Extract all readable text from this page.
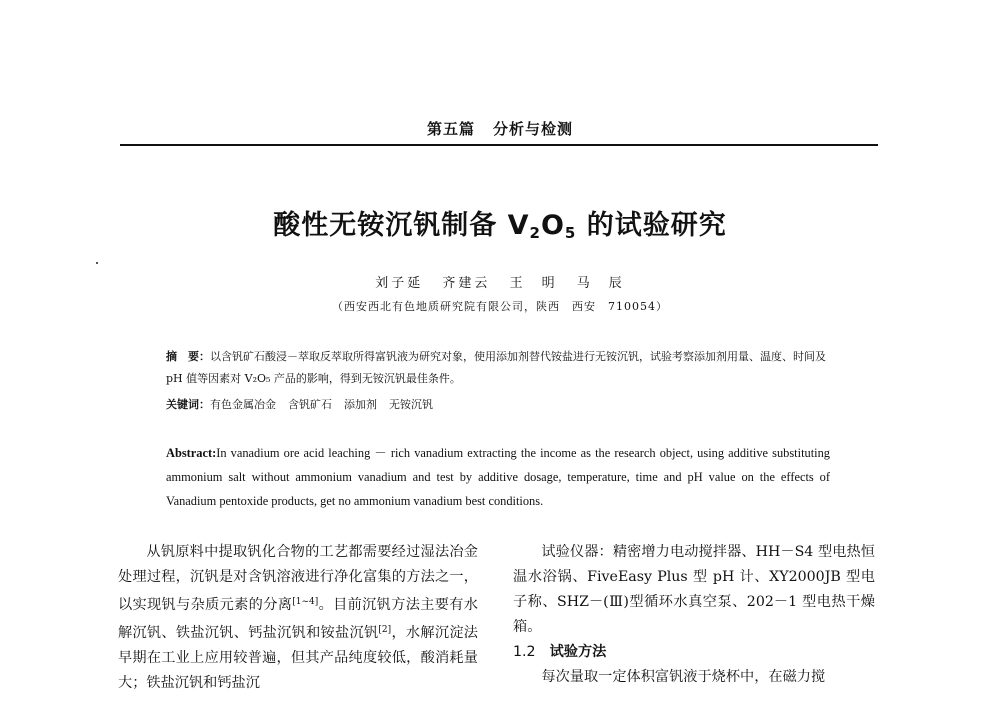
第五篇 分析与检测
酸性无铵沉钒制备 $V_2O_5$ 的试验研究
刘子延 齐建云 王　明 马　辰
（西安西北有色地质研究院有限公司，陕西　西安　710054）
摘　要：以含钒矿石酸浸－萃取反萃取所得富钒液为研究对象，使用添加剂替代铵盐进行无铵沉钒，试验考察添加剂用量、温度、时间及 pH 值等因素对 V₂O₅ 产品的影响，得到无铵沉钒最佳条件。
关键词：有色金属冶金 含钒矿石 添加剂 无铵沉钒
Abstract:In vanadium ore acid leaching － rich vanadium extracting the income as the research object, using additive substituting ammonium salt without ammonium vanadium and test by additive dosage, temperature, time and pH value on the effects of Vanadium pentoxide products, get no ammonium vanadium best conditions.

从钒原料中提取钒化合物的工艺都需要经过湿法冶金处理过程，沉钒是对含钒溶液进行净化富集的方法之一，以实现钒与杂质元素的分离[1~4]。目前沉钒方法主要有水解沉钒、铁盐沉钒、钙盐沉钒和铵盐沉钒[2]，水解沉淀法早期在工业上应用较普遍，但其产品纯度较低，酸消耗量大；铁盐沉钒和钙盐沉

试验仪器：精密增力电动搅拌器、HH－S4 型电热恒温水浴锅、FiveEasy Plus 型 pH 计、XY2000JB 型电子称、SHZ－(Ⅲ)型循环水真空泵、202－1 型电热干燥箱。

1.2 试验方法

每次量取一定体积富钒液于烧杯中，在磁力搅
